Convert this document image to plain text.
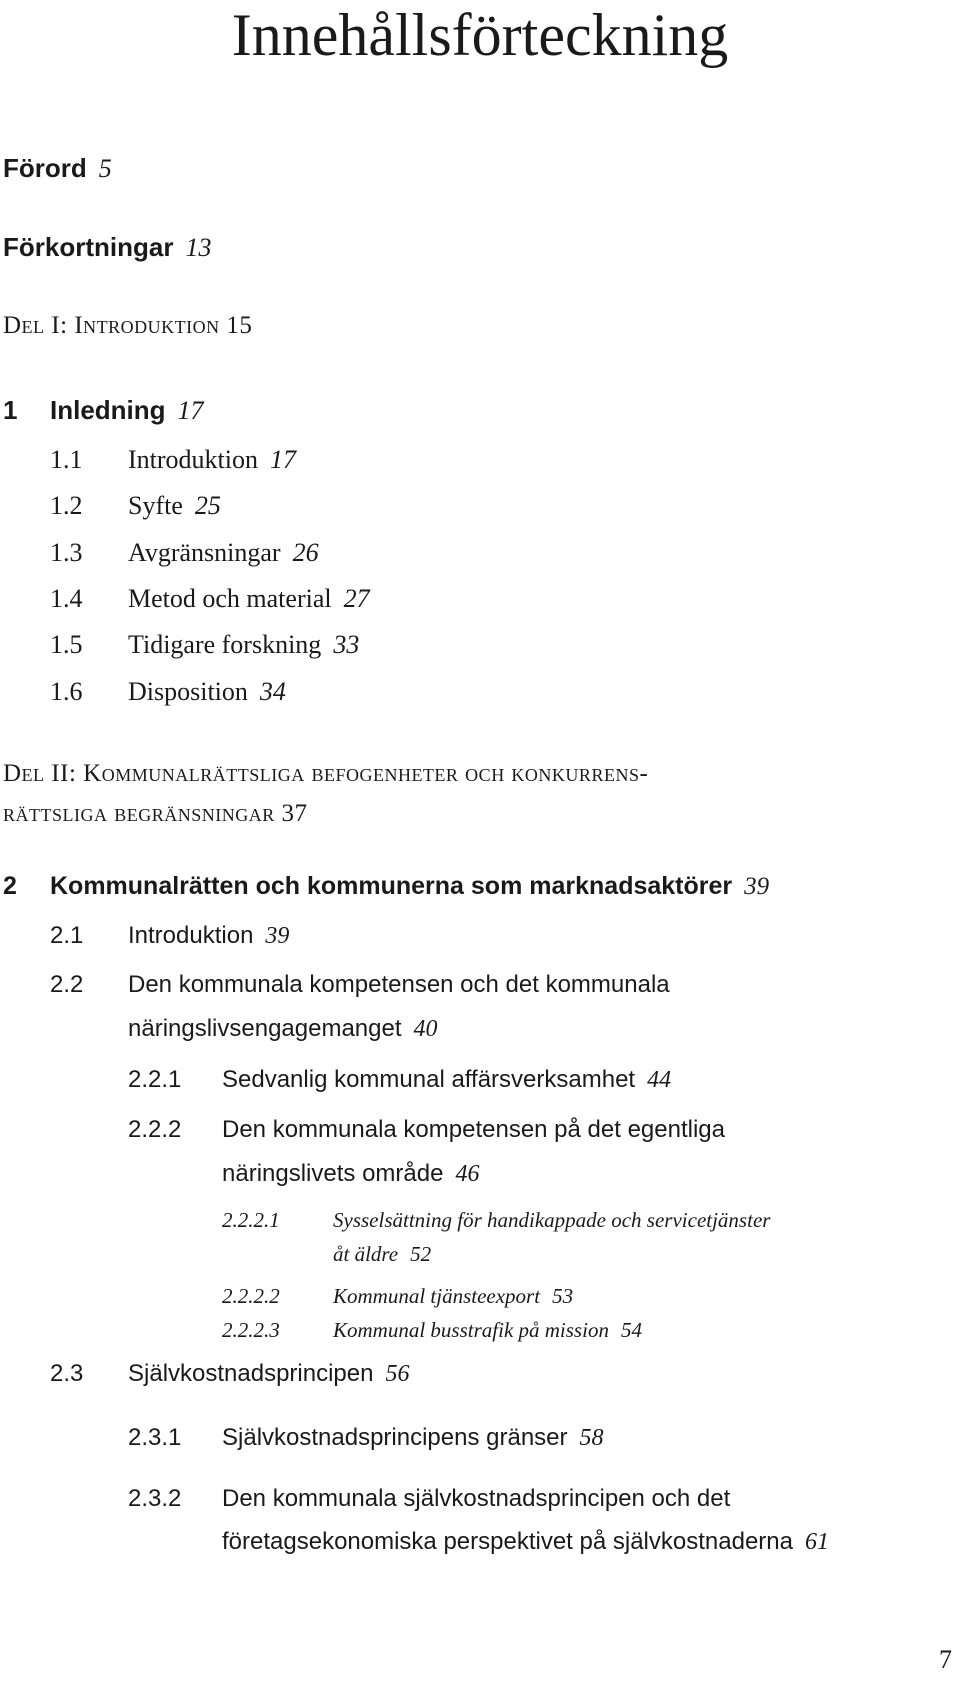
Innehållsförteckning
Förord 5
Förkortningar 13
Del I: Introduktion 15
1 Inledning 17
1.1 Introduktion 17
1.2 Syfte 25
1.3 Avgränsningar 26
1.4 Metod och material 27
1.5 Tidigare forskning 33
1.6 Disposition 34
Del II: Kommunalrättsliga befogenheter och konkurrens-
rättsliga begränsningar 37
2 Kommunalrätten och kommunerna som marknadsaktörer 39
2.1 Introduktion 39
2.2 Den kommunala kompetensen och det kommunala
näringslivsengagemanget 40
2.2.1 Sedvanlig kommunal affärsverksamhet 44
2.2.2 Den kommunala kompetensen på det egentliga
näringslivets område 46
2.2.2.1	Sysselsättning för handikappade och servicetjänster
åt äldre 52
2.2.2.2	Kommunal tjänsteexport 53
2.2.2.3	Kommunal busstrafik på mission 54
2.3 Självkostnadsprincipen 56
2.3.1 Självkostnadsprincipens gränser 58
2.3.2 Den kommunala självkostnadsprincipen och det
företagsekonomiska perspektivet på självkostnaderna 61
7
